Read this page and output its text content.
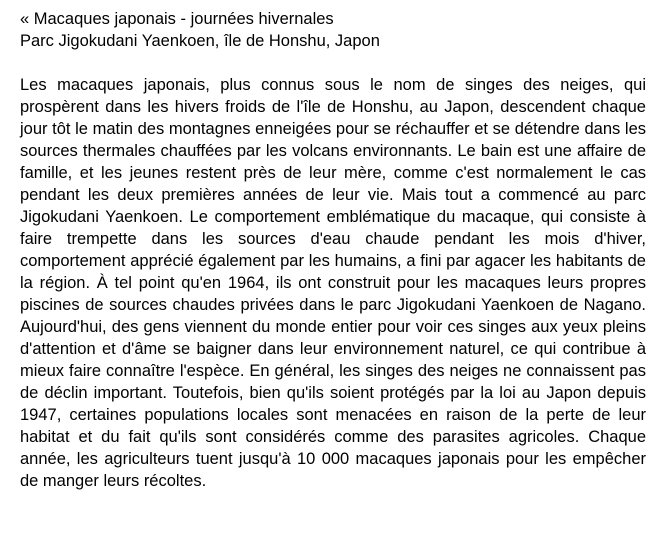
« Macaques japonais - journées hivernales

Parc Jigokudani Yaenkoen, île de Honshu, Japon

Les macaques japonais, plus connus sous le nom de singes des neiges, qui prospèrent dans les hivers froids de l'île de Honshu, au Japon, descendent chaque jour tôt le matin des montagnes enneigées pour se réchauffer et se détendre dans les sources thermales chauffées par les volcans environnants. Le bain est une affaire de famille, et les jeunes restent près de leur mère, comme c'est normalement le cas pendant les deux premières années de leur vie. Mais tout a commencé au parc Jigokudani Yaenkoen. Le comportement emblématique du macaque, qui consiste à faire trempette dans les sources d'eau chaude pendant les mois d'hiver, comportement apprécié également par les humains, a fini par agacer les habitants de la région. À tel point qu'en 1964, ils ont construit pour les macaques leurs propres piscines de sources chaudes privées dans le parc Jigokudani Yaenkoen de Nagano. Aujourd'hui, des gens viennent du monde entier pour voir ces singes aux yeux pleins d'attention et d'âme se baigner dans leur environnement naturel, ce qui contribue à mieux faire connaître l'espèce. En général, les singes des neiges ne connaissent pas de déclin important. Toutefois, bien qu'ils soient protégés par la loi au Japon depuis 1947, certaines populations locales sont menacées en raison de la perte de leur habitat et du fait qu'ils sont considérés comme des parasites agricoles. Chaque année, les agriculteurs tuent jusqu'à 10 000 macaques japonais pour les empêcher de manger leurs récoltes.
